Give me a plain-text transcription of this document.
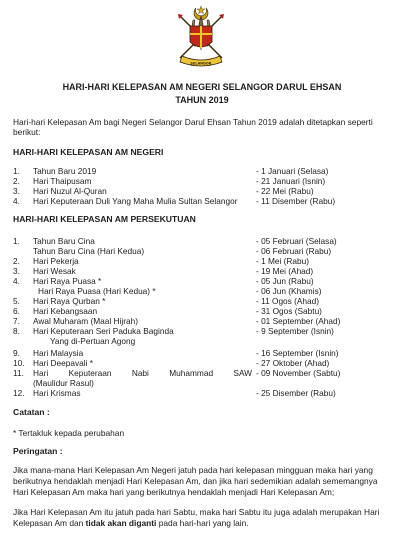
SELANGOR
HARI-HARI KELEPASAN AM NEGERI SELANGOR DARUL EHSAN
TAHUN 2019
Hari-hari Kelepasan Am bagi Negeri Selangor Darul Ehsan Tahun 2019 adalah ditetapkan seperti
berikut:
HARI-HARI KELEPASAN AM NEGERI
1. Tahun Baru 2019	- 1 Januari (Selasa)
2. Hari Thaipusam	- 21 Januari (Isnin)
3. Hari Nuzul Al-Quran	- 22 Mei (Rabu)
4. Hari Keputeraan Duli Yang Maha Mulia Sultan Selangor - 11 Disember (Rabu)
HARI-HARI KELEPASAN AM PERSEKUTUAN
1. Tahun Baru Cina	- 05 Februari (Selasa)
Tahun Baru Cina (Hari Kedua)	- 06 Februari (Rabu)
2. Hari Pekerja	- 1 Mei (Rabu)
3. Hari Wesak	- 19 Mei (Ahad)
4. Hari Raya Puasa *	- 05 Jun (Rabu)
Hari Raya Puasa (Hari Kedua) *	- 06 Jun (Khamis)
5. Hari Raya Qurban *	- 11 Ogos (Ahad)
6. Hari Kebangsaan	- 31 Ogos (Sabtu)
7. Awal Muharam (Maal Hijrah)	- 01 September (Ahad)
8. Hari Keputeraan Seri Paduka Baginda	- 9 September (Isnin)
Yang di-Pertuan Agong
9. Hari Malaysia	- 16 September (Isnin)
10. Hari Deepavali *	- 27 Oktober (Ahad)
11. Hari Keputeraan Nabi Muhammad SAW - 09 November (Sabtu)
(Maulidur Rasul)
12. Hari Krismas	- 25 Disember (Rabu)
Catatan :
* Tertakluk kepada perubahan
Peringatan :
Jika mana-mana Hari Kelepasan Am Negeri jatuh pada hari kelepasan mingguan maka hari yang
berikutnya hendaklah menjadi Hari Kelepasan Am, dan jika hari sedemikian adalah sememangnya
Hari Kelepasan Am maka hari yang berikutnya hendaklah menjadi Hari Kelepasan Am;
Jika Hari Kelepasan Am itu jatuh pada hari Sabtu, maka hari Sabtu itu juga adalah merupakan Hari
Kelepasan Am dan tidak akan diganti pada hari-hari yang lain.
